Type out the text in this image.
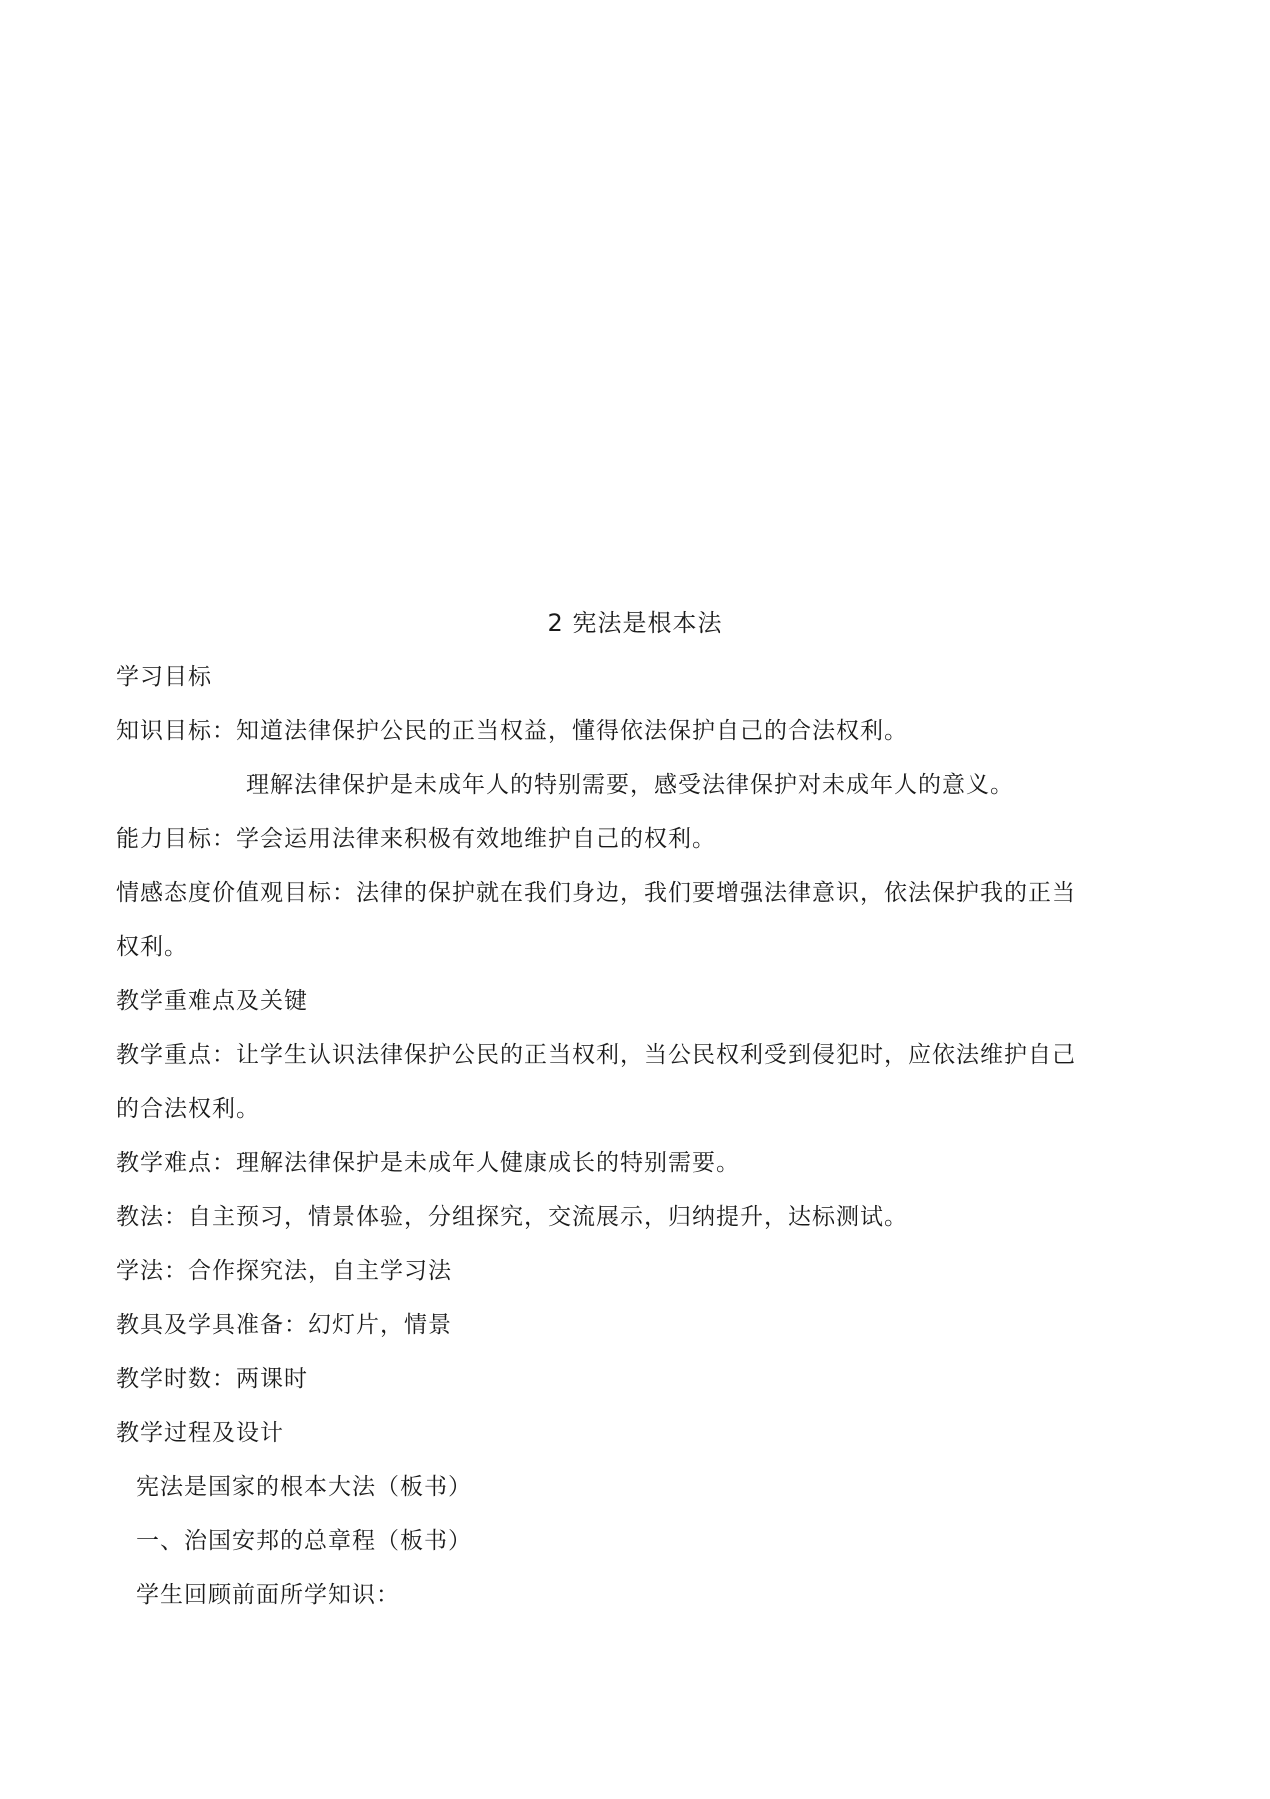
2 宪法是根本法
学习目标
知识目标：知道法律保护公民的正当权益，懂得依法保护自己的合法权利。
理解法律保护是未成年人的特别需要，感受法律保护对未成年人的意义。
能力目标：学会运用法律来积极有效地维护自己的权利。
情感态度价值观目标：法律的保护就在我们身边，我们要增强法律意识，依法保护我的正当
权利。
教学重难点及关键
教学重点：让学生认识法律保护公民的正当权利，当公民权利受到侵犯时，应依法维护自己
的合法权利。
教学难点：理解法律保护是未成年人健康成长的特别需要。
教法：自主预习，情景体验，分组探究，交流展示，归纳提升，达标测试。
学法：合作探究法，自主学习法
教具及学具准备：幻灯片，情景
教学时数：两课时
教学过程及设计
宪法是国家的根本大法（板书）
一、治国安邦的总章程（板书）
学生回顾前面所学知识：
